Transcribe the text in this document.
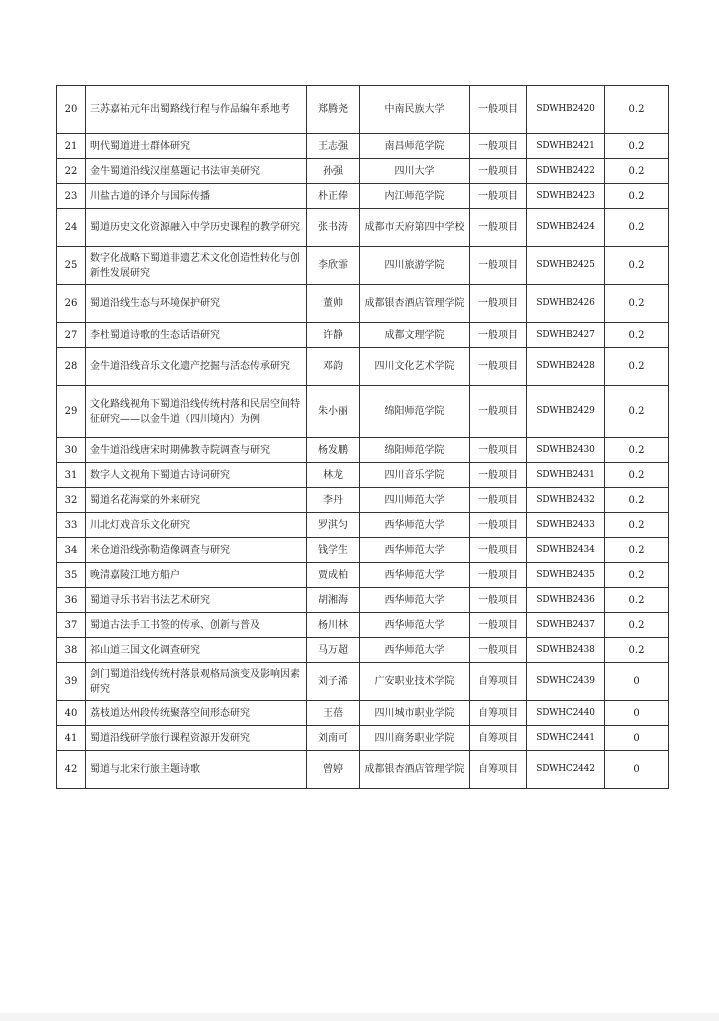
20	三苏嘉祐元年出蜀路线行程与作品编年系地考	郑腾尧	中南民族大学	一般项目	SDWHB2420	0.2
21	明代蜀道进士群体研究	王志强	南昌师范学院	一般项目	SDWHB2421	0.2
22	金牛蜀道沿线汉崖墓题记书法审美研究	孙强	四川大学	一般项目	SDWHB2422	0.2
23	川盐古道的译介与国际传播	朴正俸	内江师范学院	一般项目	SDWHB2423	0.2
24	蜀道历史文化资源融入中学历史课程的教学研究	张书涛	成都市天府第四中学校	一般项目	SDWHB2424	0.2
25	数字化战略下蜀道非遗艺术文化创造性转化与创新性发展研究	李欣霏	四川旅游学院	一般项目	SDWHB2425	0.2
26	蜀道沿线生态与环境保护研究	董帅	成都银杏酒店管理学院	一般项目	SDWHB2426	0.2
27	李杜蜀道诗歌的生态话语研究	许静	成都文理学院	一般项目	SDWHB2427	0.2
28	金牛道沿线音乐文化遗产挖掘与活态传承研究	邓韵	四川文化艺术学院	一般项目	SDWHB2428	0.2
29	文化路线视角下蜀道沿线传统村落和民居空间特征研究——以金牛道（四川境内）为例	朱小丽	绵阳师范学院	一般项目	SDWHB2429	0.2
30	金牛道沿线唐宋时期佛教寺院调查与研究	杨发鹏	绵阳师范学院	一般项目	SDWHB2430	0.2
31	数字人文视角下蜀道古诗词研究	林龙	四川音乐学院	一般项目	SDWHB2431	0.2
32	蜀道名花海棠的外来研究	李丹	四川师范大学	一般项目	SDWHB2432	0.2
33	川北灯戏音乐文化研究	罗淇匀	西华师范大学	一般项目	SDWHB2433	0.2
34	米仓道沿线弥勒造像调查与研究	钱学生	西华师范大学	一般项目	SDWHB2434	0.2
35	晚清嘉陵江地方船户	贾成柏	西华师范大学	一般项目	SDWHB2435	0.2
36	蜀道寻乐书岩书法艺术研究	胡湘海	西华师范大学	一般项目	SDWHB2436	0.2
37	蜀道古法手工书签的传承、创新与普及	杨川林	西华师范大学	一般项目	SDWHB2437	0.2
38	祁山道三国文化调查研究	马万超	西华师范大学	一般项目	SDWHB2438	0.2
39	剑门蜀道沿线传统村落景观格局演变及影响因素研究	刘子浠	广安职业技术学院	自筹项目	SDWHC2439	0
40	荔枝道达州段传统聚落空间形态研究	王蓓	四川城市职业学院	自筹项目	SDWHC2440	0
41	蜀道沿线研学旅行课程资源开发研究	刘南可	四川商务职业学院	自筹项目	SDWHC2441	0
42	蜀道与北宋行旅主题诗歌	曾婷	成都银杏酒店管理学院	自筹项目	SDWHC2442	0
